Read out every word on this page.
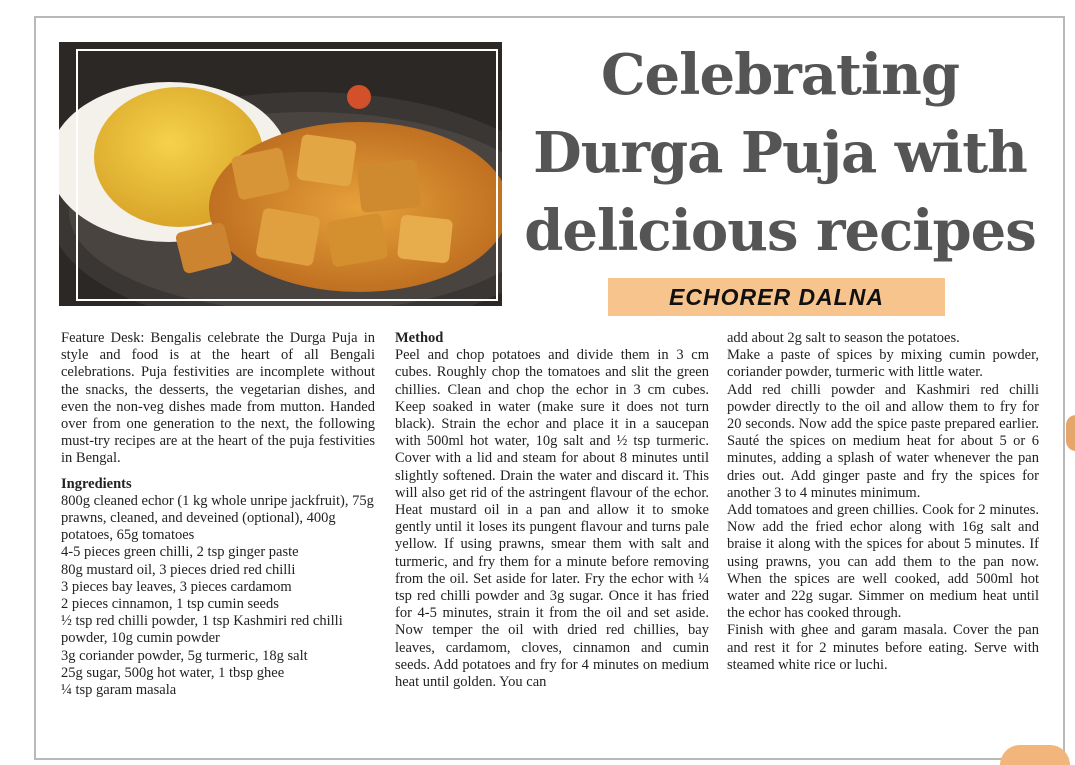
Celebrating Durga Puja with delicious recipes
ECHORER DALNA

Feature Desk: Bengalis celebrate the Durga Puja in style and food is at the heart of all Bengali celebrations. Puja festivities are incomplete without the snacks, the desserts, the vegetarian dishes, and even the non-veg dishes made from mutton. Handed over from one generation to the next, the following must-try recipes are at the heart of the puja festivities in Bengal.

Ingredients

800g cleaned echor (1 kg whole unripe jackfruit), 75g prawns, cleaned, and deveined (optional), 400g potatoes, 65g tomatoes

4-5 pieces green chilli, 2 tsp ginger paste

80g mustard oil, 3 pieces dried red chilli

3 pieces bay leaves, 3 pieces cardamom

2 pieces cinnamon, 1 tsp cumin seeds

½ tsp red chilli powder, 1 tsp Kashmiri red chilli powder, 10g cumin powder

3g coriander powder, 5g turmeric, 18g salt

25g sugar, 500g hot water, 1 tbsp ghee

¼ tsp garam masala

Method

Peel and chop potatoes and divide them in 3 cm cubes. Roughly chop the tomatoes and slit the green chillies. Clean and chop the echor in 3 cm cubes. Keep soaked in water (make sure it does not turn black). Strain the echor and place it in a saucepan with 500ml hot water, 10g salt and ½ tsp turmeric. Cover with a lid and steam for about 8 minutes until slightly softened. Drain the water and discard it. This will also get rid of the astringent flavour of the echor. Heat mustard oil in a pan and allow it to smoke gently until it loses its pungent flavour and turns pale yellow. If using prawns, smear them with salt and turmeric, and fry them for a minute before removing from the oil. Set aside for later. Fry the echor with ¼ tsp red chilli powder and 3g sugar. Once it has fried for 4-5 minutes, strain it from the oil and set aside. Now temper the oil with dried red chillies, bay leaves, cardamom, cloves, cinnamon and cumin seeds. Add potatoes and fry for 4 minutes on medium heat until golden. You can

add about 2g salt to season the potatoes.

Make a paste of spices by mixing cumin powder, coriander powder, turmeric with little water.

Add red chilli powder and Kashmiri red chilli powder directly to the oil and allow them to fry for 20 seconds. Now add the spice paste prepared earlier. Sauté the spices on medium heat for about 5 or 6 minutes, adding a splash of water whenever the pan dries out. Add ginger paste and fry the spices for another 3 to 4 minutes minimum.

Add tomatoes and green chillies. Cook for 2 minutes. Now add the fried echor along with 16g salt and braise it along with the spices for about 5 minutes. If using prawns, you can add them to the pan now. When the spices are well cooked, add 500ml hot water and 22g sugar. Simmer on medium heat until the echor has cooked through.

Finish with ghee and garam masala. Cover the pan and rest it for 2 minutes before eating. Serve with steamed white rice or luchi.
